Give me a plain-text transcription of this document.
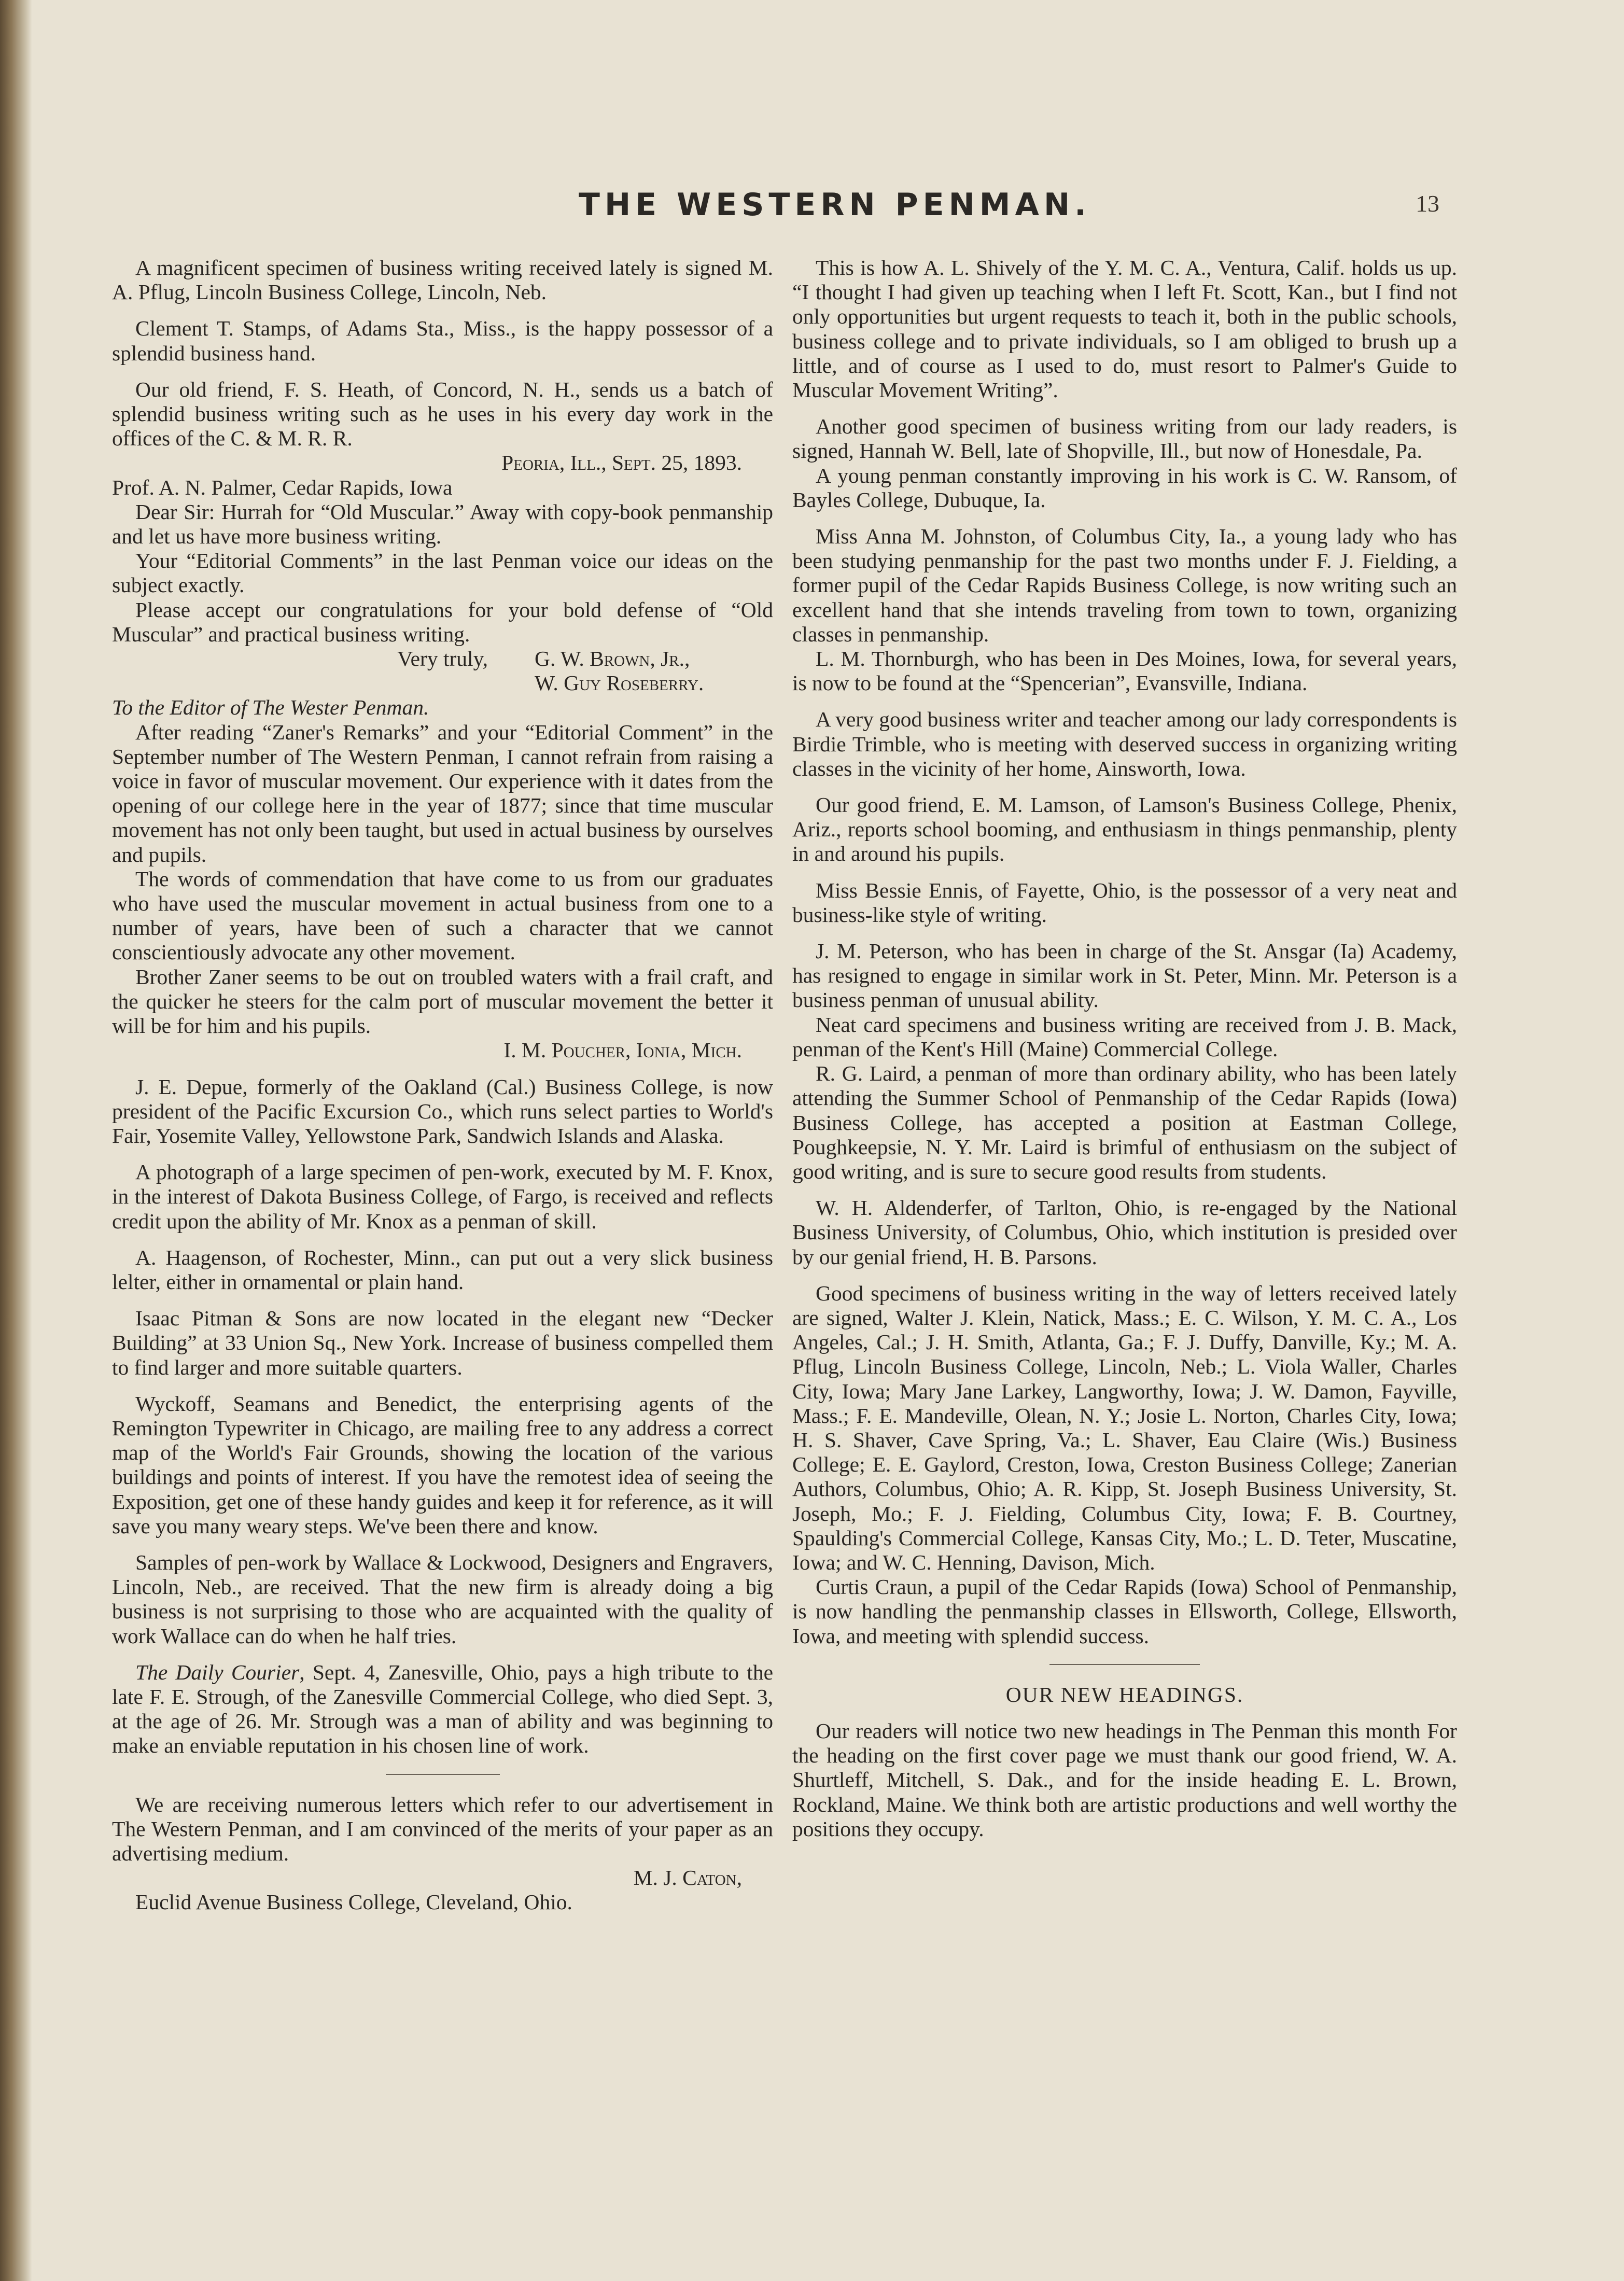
THE WESTERN PENMAN.	13

A magnificent specimen of business writing received lately is signed M. A. Pflug, Lincoln Business College, Lincoln, Neb.

Clement T. Stamps, of Adams Sta., Miss., is the happy possessor of a splendid business hand.

Our old friend, F. S. Heath, of Concord, N. H., sends us a batch of splendid business writing such as he uses in his every day work in the offices of the C. & M. R. R.

Peoria, Ill., Sept. 25, 1893.

Prof. A. N. Palmer, Cedar Rapids, Iowa

Dear Sir: Hurrah for “Old Muscular.” Away with copy-book penmanship and let us have more business writing.

Your “Editorial Comments” in the last Penman voice our ideas on the subject exactly.

Please accept our congratulations for your bold defense of “Old Muscular” and practical business writing.

Very truly, G. W. Brown, Jr.,
W. Guy Roseberry.

To the Editor of The Wester Penman.

After reading “Zaner's Remarks” and your “Editorial Comment” in the September number of The Western Penman, I cannot refrain from raising a voice in favor of muscular movement. Our experience with it dates from the opening of our college here in the year of 1877; since that time muscular movement has not only been taught, but used in actual business by ourselves and pupils.

The words of commendation that have come to us from our graduates who have used the muscular movement in actual business from one to a number of years, have been of such a character that we cannot conscientiously advocate any other movement.

Brother Zaner seems to be out on troubled waters with a frail craft, and the quicker he steers for the calm port of muscular movement the better it will be for him and his pupils.

I. M. Poucher, Ionia, Mich.

J. E. Depue, formerly of the Oakland (Cal.) Business College, is now president of the Pacific Excursion Co., which runs select parties to World's Fair, Yosemite Valley, Yellowstone Park, Sandwich Islands and Alaska.

A photograph of a large specimen of pen-work, executed by M. F. Knox, in the interest of Dakota Business College, of Fargo, is received and reflects credit upon the ability of Mr. Knox as a penman of skill.

A. Haagenson, of Rochester, Minn., can put out a very slick business lelter, either in ornamental or plain hand.

Isaac Pitman & Sons are now located in the elegant new “Decker Building” at 33 Union Sq., New York. Increase of business compelled them to find larger and more suitable quarters.

Wyckoff, Seamans and Benedict, the enterprising agents of the Remington Typewriter in Chicago, are mailing free to any address a correct map of the World's Fair Grounds, showing the location of the various buildings and points of interest. If you have the remotest idea of seeing the Exposition, get one of these handy guides and keep it for reference, as it will save you many weary steps. We've been there and know.

Samples of pen-work by Wallace & Lockwood, Designers and Engravers, Lincoln, Neb., are received. That the new firm is already doing a big business is not surprising to those who are acquainted with the quality of work Wallace can do when he half tries.

The Daily Courier, Sept. 4, Zanesville, Ohio, pays a high tribute to the late F. E. Strough, of the Zanesville Commercial College, who died Sept. 3, at the age of 26. Mr. Strough was a man of ability and was beginning to make an enviable reputation in his chosen line of work.

We are receiving numerous letters which refer to our advertisement in The Western Penman, and I am convinced of the merits of your paper as an advertising medium.

M. J. Caton,

Euclid Avenue Business College, Cleveland, Ohio.

This is how A. L. Shively of the Y. M. C. A., Ventura, Calif. holds us up. “I thought I had given up teaching when I left Ft. Scott, Kan., but I find not only opportunities but urgent requests to teach it, both in the public schools, business college and to private individuals, so I am obliged to brush up a little, and of course as I used to do, must resort to Palmer's Guide to Muscular Movement Writing”.

Another good specimen of business writing from our lady readers, is signed, Hannah W. Bell, late of Shopville, Ill., but now of Honesdale, Pa.

A young penman constantly improving in his work is C. W. Ransom, of Bayles College, Dubuque, Ia.

Miss Anna M. Johnston, of Columbus City, Ia., a young lady who has been studying penmanship for the past two months under F. J. Fielding, a former pupil of the Cedar Rapids Business College, is now writing such an excellent hand that she intends traveling from town to town, organizing classes in penmanship.

L. M. Thornburgh, who has been in Des Moines, Iowa, for several years, is now to be found at the “Spencerian”, Evansville, Indiana.

A very good business writer and teacher among our lady correspondents is Birdie Trimble, who is meeting with deserved success in organizing writing classes in the vicinity of her home, Ainsworth, Iowa.

Our good friend, E. M. Lamson, of Lamson's Business College, Phenix, Ariz., reports school booming, and enthusiasm in things penmanship, plenty in and around his pupils.

Miss Bessie Ennis, of Fayette, Ohio, is the possessor of a very neat and business-like style of writing.

J. M. Peterson, who has been in charge of the St. Ansgar (Ia) Academy, has resigned to engage in similar work in St. Peter, Minn. Mr. Peterson is a business penman of unusual ability.

Neat card specimens and business writing are received from J. B. Mack, penman of the Kent's Hill (Maine) Commercial College.

R. G. Laird, a penman of more than ordinary ability, who has been lately attending the Summer School of Penmanship of the Cedar Rapids (Iowa) Business College, has accepted a position at Eastman College, Poughkeepsie, N. Y. Mr. Laird is brimful of enthusiasm on the subject of good writing, and is sure to secure good results from students.

W. H. Aldenderfer, of Tarlton, Ohio, is re-engaged by the National Business University, of Columbus, Ohio, which institution is presided over by our genial friend, H. B. Parsons.

Good specimens of business writing in the way of letters received lately are signed, Walter J. Klein, Natick, Mass.; E. C. Wilson, Y. M. C. A., Los Angeles, Cal.; J. H. Smith, Atlanta, Ga.; F. J. Duffy, Danville, Ky.; M. A. Pflug, Lincoln Business College, Lincoln, Neb.; L. Viola Waller, Charles City, Iowa; Mary Jane Larkey, Langworthy, Iowa; J. W. Damon, Fayville, Mass.; F. E. Mandeville, Olean, N. Y.; Josie L. Norton, Charles City, Iowa; H. S. Shaver, Cave Spring, Va.; L. Shaver, Eau Claire (Wis.) Business College; E. E. Gaylord, Creston, Iowa, Creston Business College; Zanerian Authors, Columbus, Ohio; A. R. Kipp, St. Joseph Business University, St. Joseph, Mo.; F. J. Fielding, Columbus City, Iowa; F. B. Courtney, Spaulding's Commercial College, Kansas City, Mo.; L. D. Teter, Muscatine, Iowa; and W. C. Henning, Davison, Mich.

Curtis Craun, a pupil of the Cedar Rapids (Iowa) School of Penmanship, is now handling the penmanship classes in Ellsworth, College, Ellsworth, Iowa, and meeting with splendid success.

OUR NEW HEADINGS.

Our readers will notice two new headings in The Penman this month For the heading on the first cover page we must thank our good friend, W. A. Shurtleff, Mitchell, S. Dak., and for the inside heading E. L. Brown, Rockland, Maine. We think both are artistic productions and well worthy the positions they occupy.
